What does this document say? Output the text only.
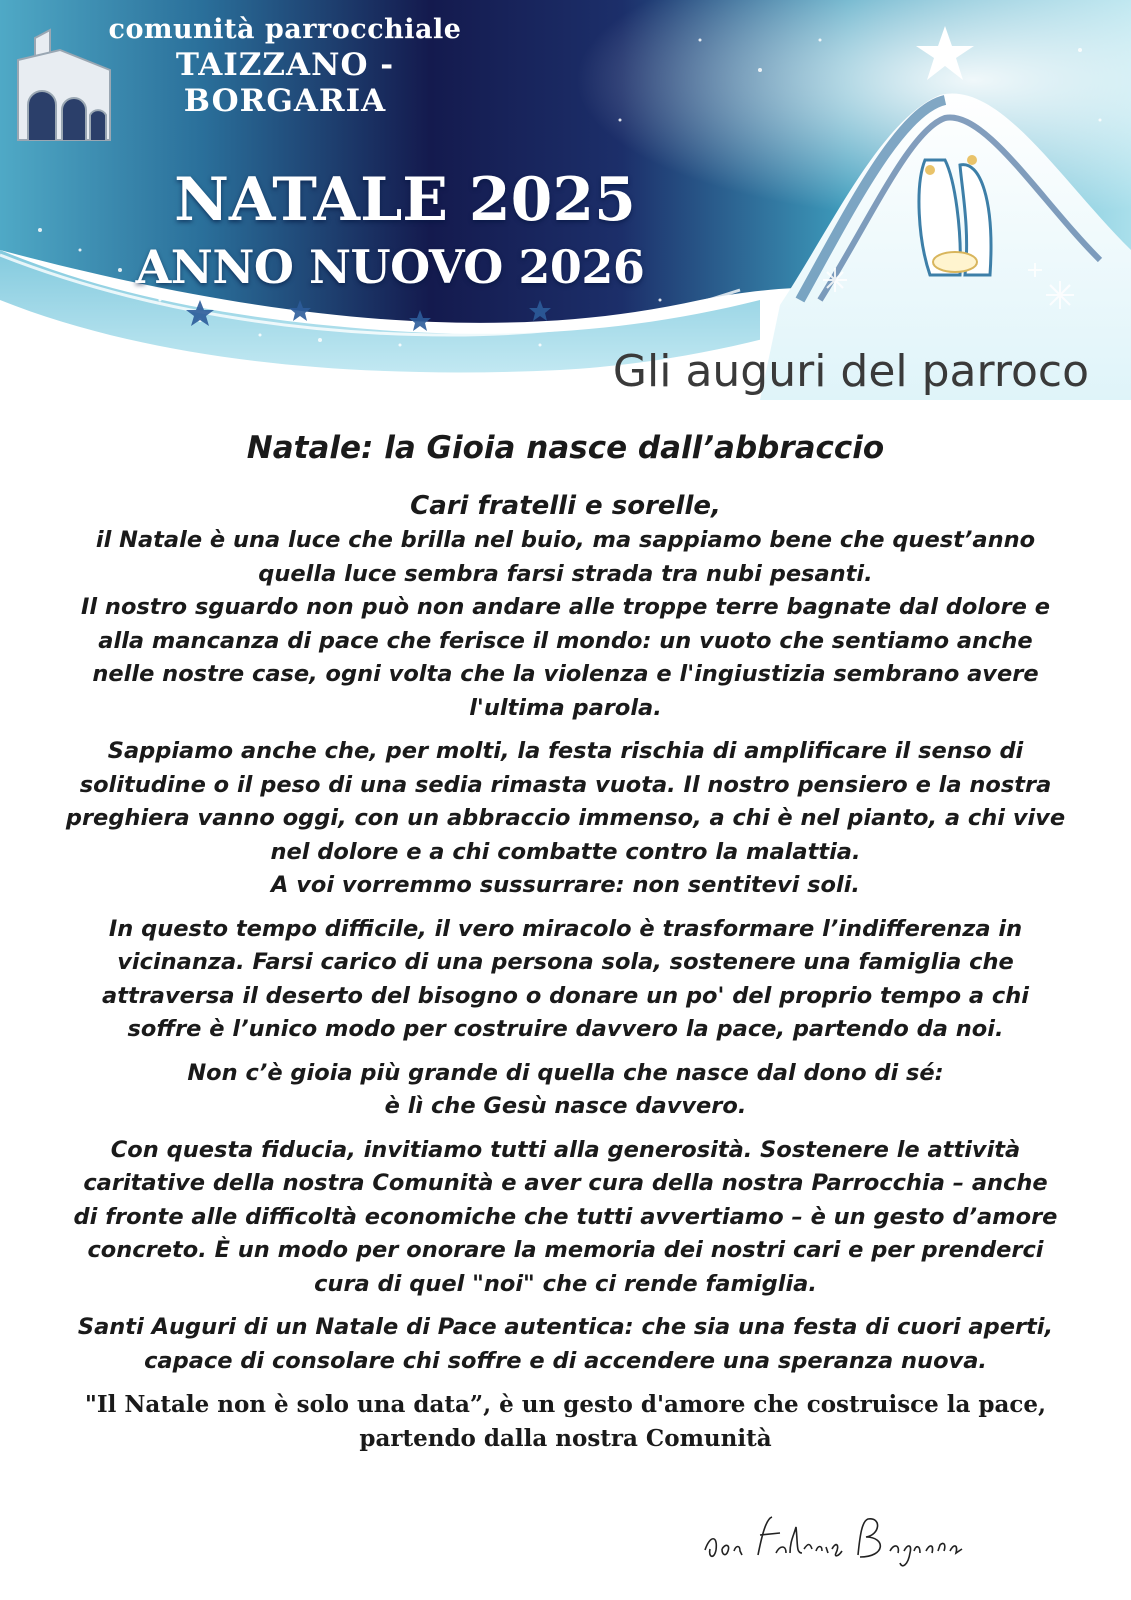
comunità parrocchiale
TAIZZANO - BORGARIA
NATALE 2025
ANNO NUOVO 2026
Gli auguri del parroco
Natale: la Gioia nasce dall’abbraccio
Cari fratelli e sorelle,
il Natale è una luce che brilla nel buio, ma sappiamo bene che quest’anno
quella luce sembra farsi strada tra nubi pesanti.
Il nostro sguardo non può non andare alle troppe terre bagnate dal dolore e
alla mancanza di pace che ferisce il mondo: un vuoto che sentiamo anche
nelle nostre case, ogni volta che la violenza e l'ingiustizia sembrano avere
l'ultima parola.
Sappiamo anche che, per molti, la festa rischia di amplificare il senso di
solitudine o il peso di una sedia rimasta vuota. Il nostro pensiero e la nostra
preghiera vanno oggi, con un abbraccio immenso, a chi è nel pianto, a chi vive
nel dolore e a chi combatte contro la malattia.
A voi vorremmo sussurrare: non sentitevi soli.
In questo tempo difficile, il vero miracolo è trasformare l’indifferenza in
vicinanza. Farsi carico di una persona sola, sostenere una famiglia che
attraversa il deserto del bisogno o donare un po' del proprio tempo a chi
soffre è l’unico modo per costruire davvero la pace, partendo da noi.
Non c’è gioia più grande di quella che nasce dal dono di sé:
è lì che Gesù nasce davvero.
Con questa fiducia, invitiamo tutti alla generosità. Sostenere le attività
caritative della nostra Comunità e aver cura della nostra Parrocchia – anche
di fronte alle difficoltà economiche che tutti avvertiamo – è un gesto d’amore
concreto. È un modo per onorare la memoria dei nostri cari e per prenderci
cura di quel "noi" che ci rende famiglia.
Santi Auguri di un Natale di Pace autentica: che sia una festa di cuori aperti,
capace di consolare chi soffre e di accendere una speranza nuova.
"Il Natale non è solo una data”, è un gesto d'amore che costruisce la pace,
partendo dalla nostra Comunità
